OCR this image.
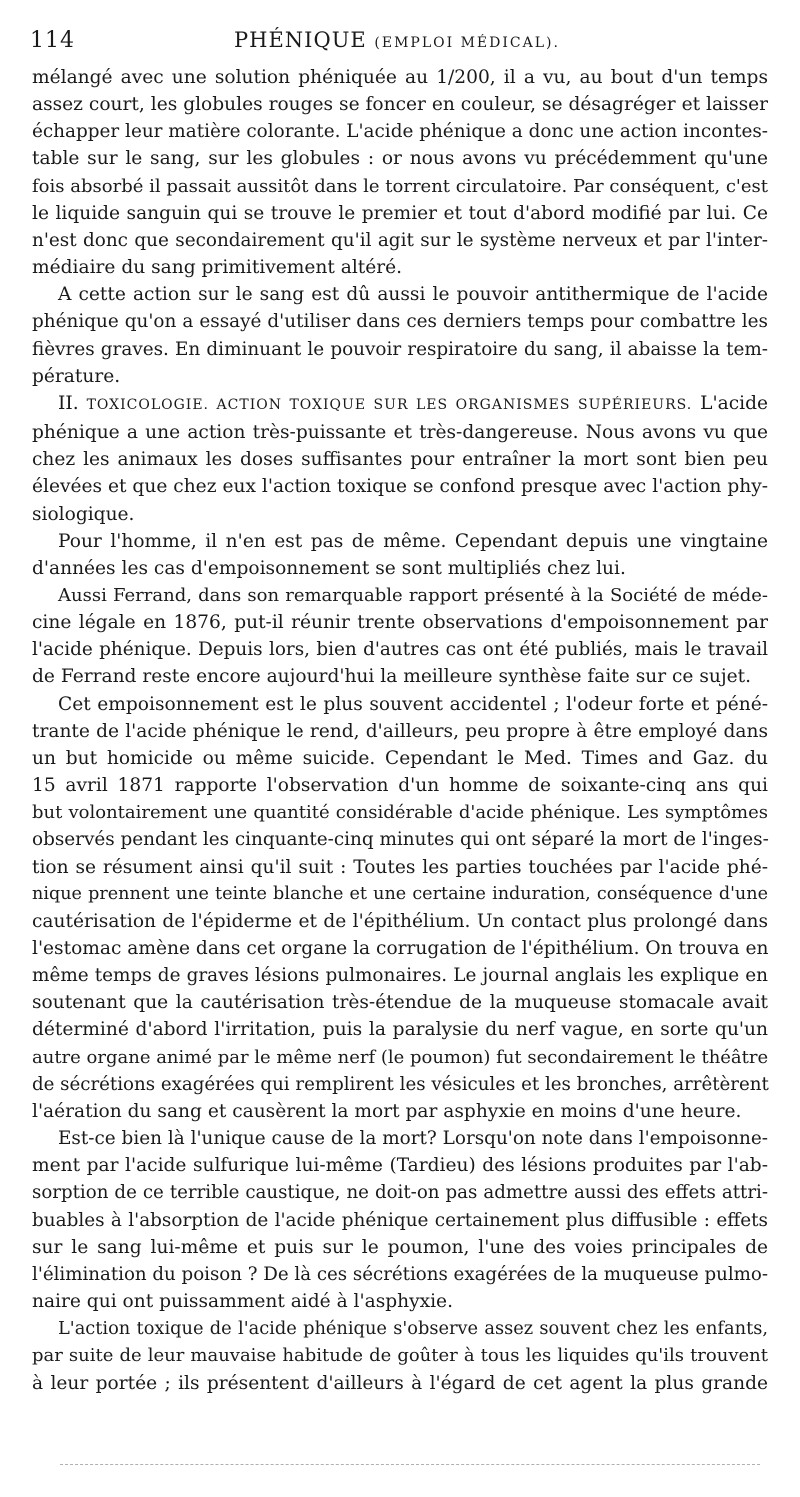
114	PHÉNIQUE (EMPLOI MÉDICAL).
mélangé avec une solution phéniquée au 1/200, il a vu, au bout d'un temps
assez court, les globules rouges se foncer en couleur, se désagréger et laisser
échapper leur matière colorante. L'acide phénique a donc une action incontes-
table sur le sang, sur les globules : or nous avons vu précédemment qu'une
fois absorbé il passait aussitôt dans le torrent circulatoire. Par conséquent, c'est
le liquide sanguin qui se trouve le premier et tout d'abord modifié par lui. Ce
n'est donc que secondairement qu'il agit sur le système nerveux et par l'inter-
médiaire du sang primitivement altéré.
A cette action sur le sang est dû aussi le pouvoir antithermique de l'acide
phénique qu'on a essayé d'utiliser dans ces derniers temps pour combattre les
fièvres graves. En diminuant le pouvoir respiratoire du sang, il abaisse la tem-
pérature.
II. TOXICOLOGIE. ACTION TOXIQUE SUR LES ORGANISMES SUPÉRIEURS. L'acide
phénique a une action très-puissante et très-dangereuse. Nous avons vu que
chez les animaux les doses suffisantes pour entraîner la mort sont bien peu
élevées et que chez eux l'action toxique se confond presque avec l'action phy-
siologique.
Pour l'homme, il n'en est pas de même. Cependant depuis une vingtaine
d'années les cas d'empoisonnement se sont multipliés chez lui.
Aussi Ferrand, dans son remarquable rapport présenté à la Société de méde-
cine légale en 1876, put-il réunir trente observations d'empoisonnement par
l'acide phénique. Depuis lors, bien d'autres cas ont été publiés, mais le travail
de Ferrand reste encore aujourd'hui la meilleure synthèse faite sur ce sujet.
Cet empoisonnement est le plus souvent accidentel ; l'odeur forte et péné-
trante de l'acide phénique le rend, d'ailleurs, peu propre à être employé dans
un but homicide ou même suicide. Cependant le Med. Times and Gaz. du
15 avril 1871 rapporte l'observation d'un homme de soixante-cinq ans qui
but volontairement une quantité considérable d'acide phénique. Les symptômes
observés pendant les cinquante-cinq minutes qui ont séparé la mort de l'inges-
tion se résument ainsi qu'il suit : Toutes les parties touchées par l'acide phé-
nique prennent une teinte blanche et une certaine induration, conséquence d'une
cautérisation de l'épiderme et de l'épithélium. Un contact plus prolongé dans
l'estomac amène dans cet organe la corrugation de l'épithélium. On trouva en
même temps de graves lésions pulmonaires. Le journal anglais les explique en
soutenant que la cautérisation très-étendue de la muqueuse stomacale avait
déterminé d'abord l'irritation, puis la paralysie du nerf vague, en sorte qu'un
autre organe animé par le même nerf (le poumon) fut secondairement le théâtre
de sécrétions exagérées qui remplirent les vésicules et les bronches, arrêtèrent
l'aération du sang et causèrent la mort par asphyxie en moins d'une heure.
Est-ce bien là l'unique cause de la mort? Lorsqu'on note dans l'empoisonne-
ment par l'acide sulfurique lui-même (Tardieu) des lésions produites par l'ab-
sorption de ce terrible caustique, ne doit-on pas admettre aussi des effets attri-
buables à l'absorption de l'acide phénique certainement plus diffusible : effets
sur le sang lui-même et puis sur le poumon, l'une des voies principales de
l'élimination du poison ? De là ces sécrétions exagérées de la muqueuse pulmo-
naire qui ont puissamment aidé à l'asphyxie.
L'action toxique de l'acide phénique s'observe assez souvent chez les enfants,
par suite de leur mauvaise habitude de goûter à tous les liquides qu'ils trouvent
à leur portée ; ils présentent d'ailleurs à l'égard de cet agent la plus grande
